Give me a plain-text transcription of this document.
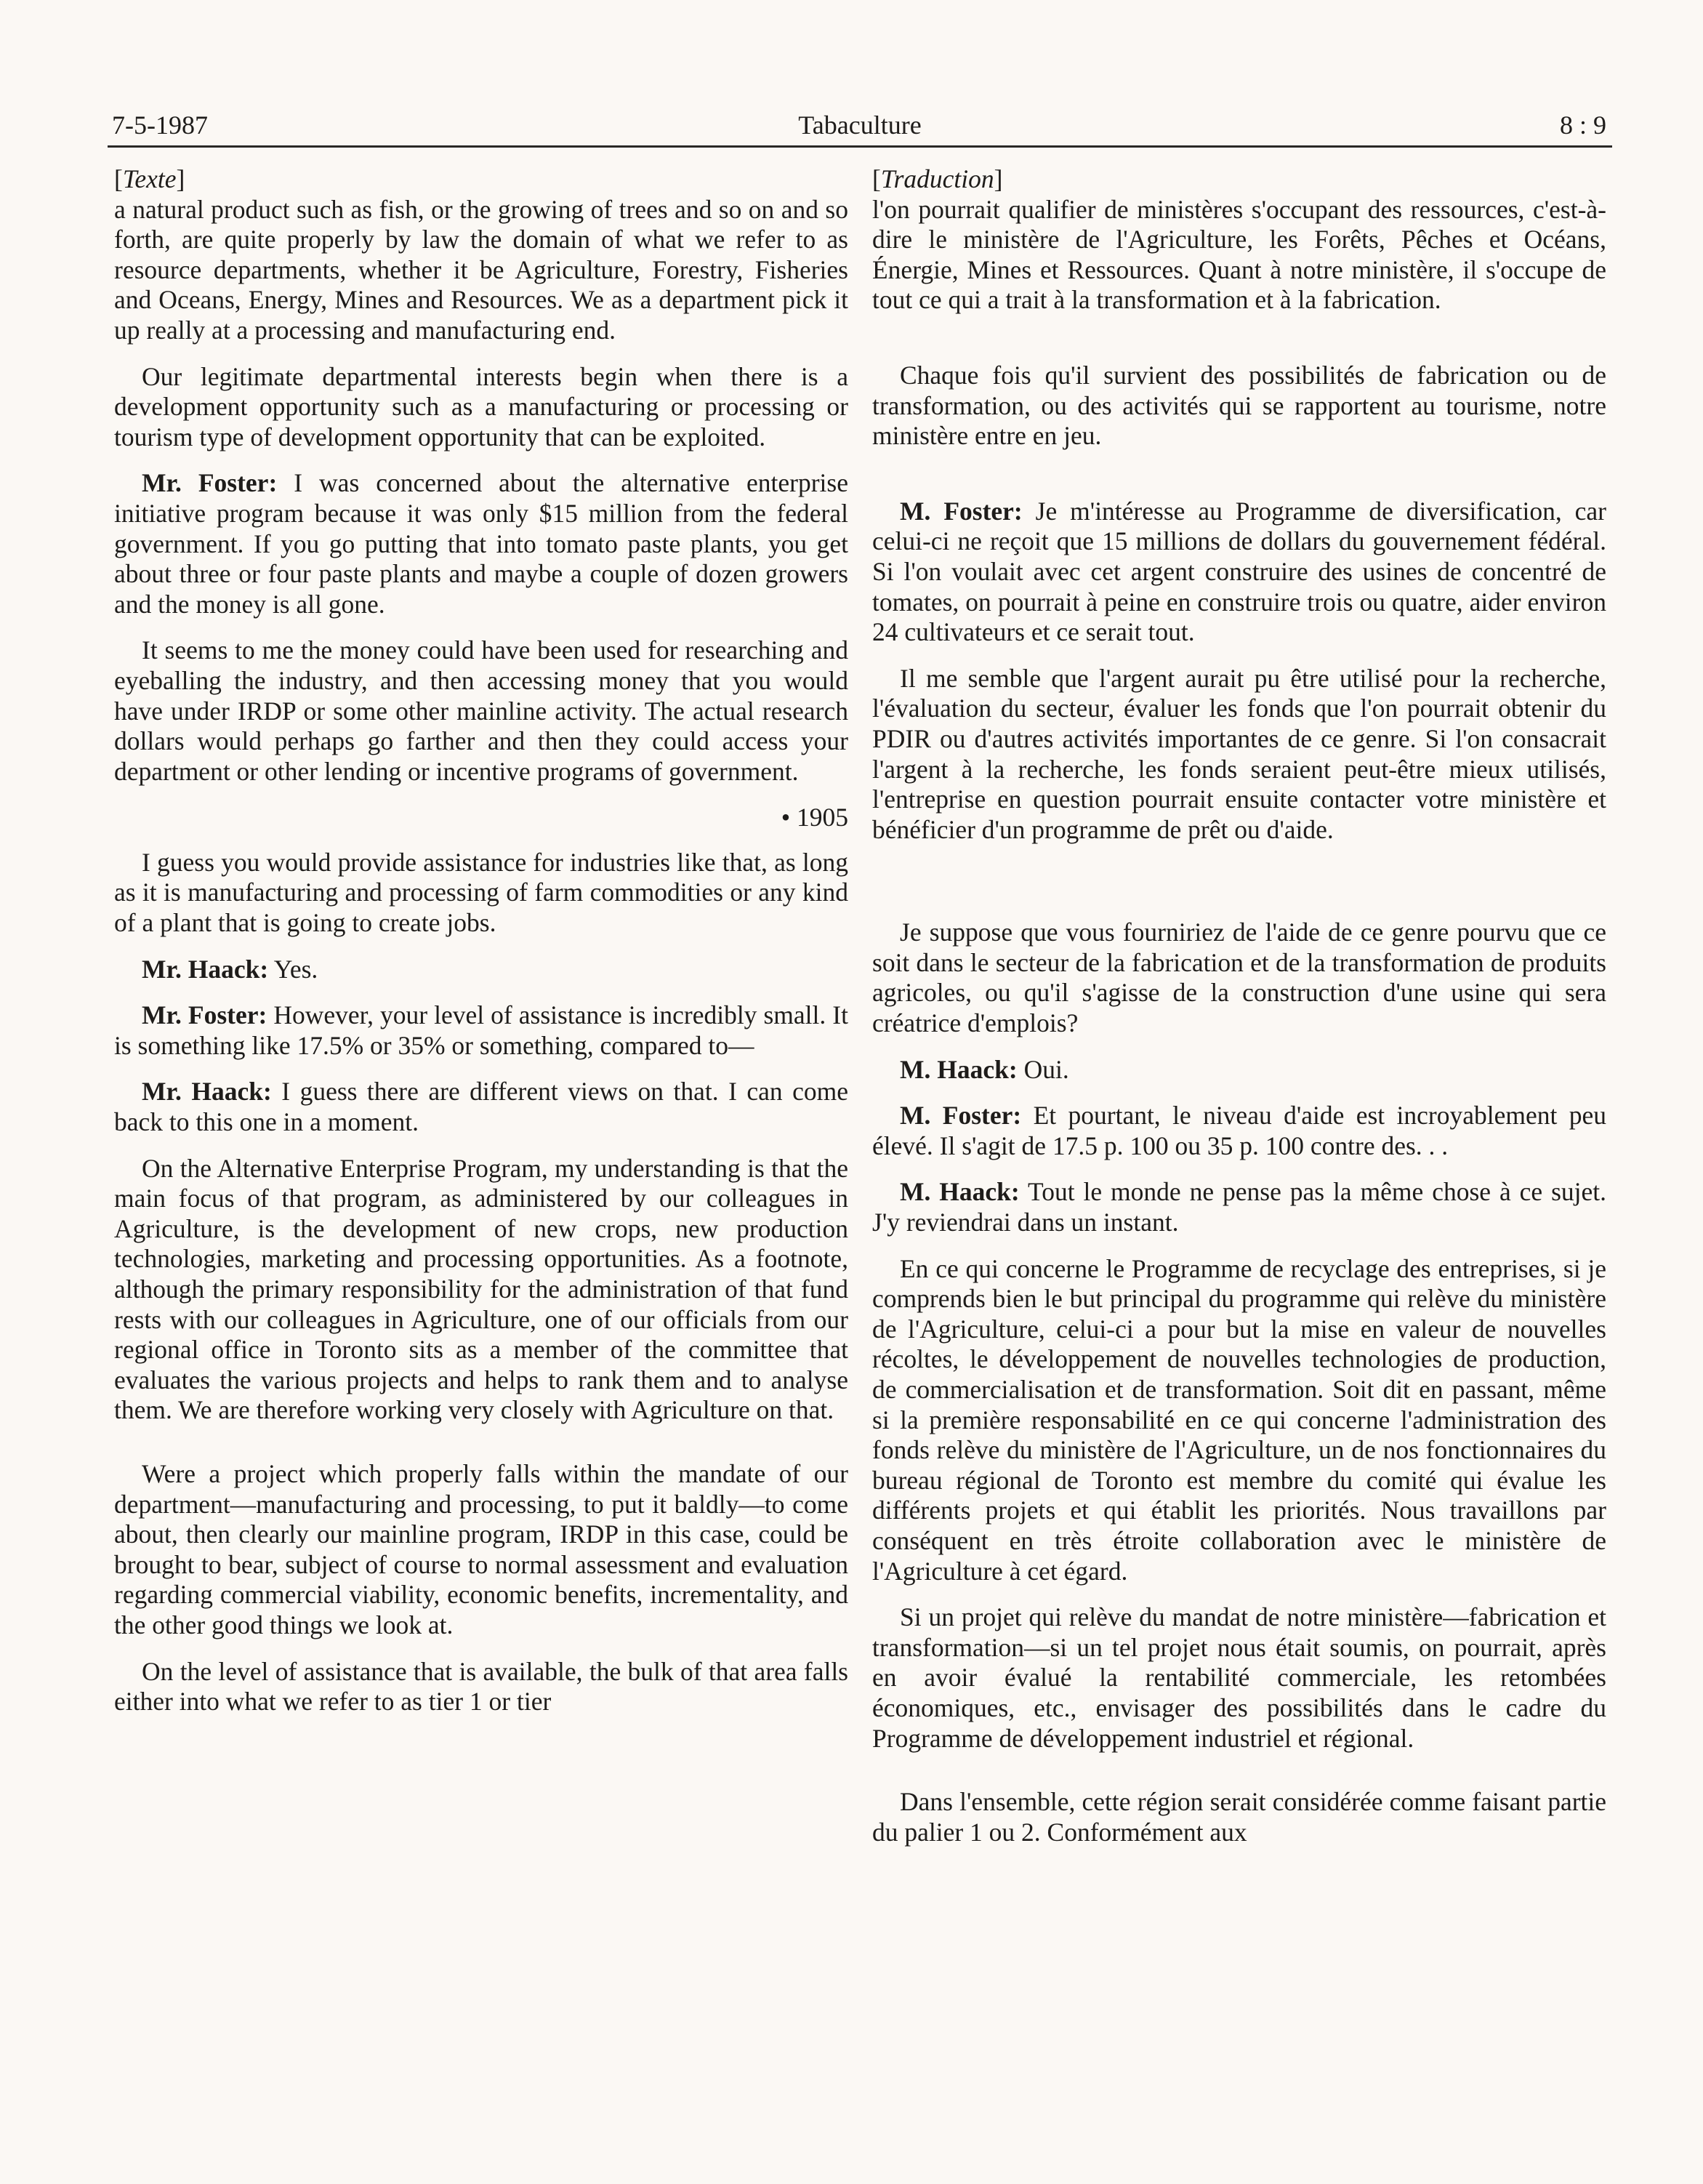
7-5-1987	Tabaculture	8 : 9
[Texte]

a natural product such as fish, or the growing of trees and so on and so forth, are quite properly by law the domain of what we refer to as resource departments, whether it be Agriculture, Forestry, Fisheries and Oceans, Energy, Mines and Resources. We as a department pick it up really at a processing and manufacturing end.

Our legitimate departmental interests begin when there is a development opportunity such as a manufacturing or processing or tourism type of development opportunity that can be exploited.

Mr. Foster: I was concerned about the alternative enterprise initiative program because it was only $15 million from the federal government. If you go putting that into tomato paste plants, you get about three or four paste plants and maybe a couple of dozen growers and the money is all gone.

It seems to me the money could have been used for researching and eyeballing the industry, and then accessing money that you would have under IRDP or some other mainline activity. The actual research dollars would perhaps go farther and then they could access your department or other lending or incentive programs of government.

• 1905

I guess you would provide assistance for industries like that, as long as it is manufacturing and processing of farm commodities or any kind of a plant that is going to create jobs.

Mr. Haack: Yes.

Mr. Foster: However, your level of assistance is incredibly small. It is something like 17.5% or 35% or something, compared to—

Mr. Haack: I guess there are different views on that. I can come back to this one in a moment.

On the Alternative Enterprise Program, my understanding is that the main focus of that program, as administered by our colleagues in Agriculture, is the development of new crops, new production technologies, marketing and processing opportunities. As a footnote, although the primary responsibility for the administration of that fund rests with our colleagues in Agriculture, one of our officials from our regional office in Toronto sits as a member of the committee that evaluates the various projects and helps to rank them and to analyse them. We are therefore working very closely with Agriculture on that.

Were a project which properly falls within the mandate of our department—manufacturing and processing, to put it baldly—to come about, then clearly our mainline program, IRDP in this case, could be brought to bear, subject of course to normal assessment and evaluation regarding commercial viability, economic benefits, incrementality, and the other good things we look at.

On the level of assistance that is available, the bulk of that area falls either into what we refer to as tier 1 or tier

[Traduction]

l'on pourrait qualifier de ministères s'occupant des ressources, c'est-à-dire le ministère de l'Agriculture, les Forêts, Pêches et Océans, Énergie, Mines et Ressources. Quant à notre ministère, il s'occupe de tout ce qui a trait à la transformation et à la fabrication.

Chaque fois qu'il survient des possibilités de fabrication ou de transformation, ou des activités qui se rapportent au tourisme, notre ministère entre en jeu.

M. Foster: Je m'intéresse au Programme de diversification, car celui-ci ne reçoit que 15 millions de dollars du gouvernement fédéral. Si l'on voulait avec cet argent construire des usines de concentré de tomates, on pourrait à peine en construire trois ou quatre, aider environ 24 cultivateurs et ce serait tout.

Il me semble que l'argent aurait pu être utilisé pour la recherche, l'évaluation du secteur, évaluer les fonds que l'on pourrait obtenir du PDIR ou d'autres activités importantes de ce genre. Si l'on consacrait l'argent à la recherche, les fonds seraient peut-être mieux utilisés, l'entreprise en question pourrait ensuite contacter votre ministère et bénéficier d'un programme de prêt ou d'aide.

Je suppose que vous fourniriez de l'aide de ce genre pourvu que ce soit dans le secteur de la fabrication et de la transformation de produits agricoles, ou qu'il s'agisse de la construction d'une usine qui sera créatrice d'emplois?

M. Haack: Oui.

M. Foster: Et pourtant, le niveau d'aide est incroyablement peu élevé. Il s'agit de 17.5 p. 100 ou 35 p. 100 contre des. . .

M. Haack: Tout le monde ne pense pas la même chose à ce sujet. J'y reviendrai dans un instant.

En ce qui concerne le Programme de recyclage des entreprises, si je comprends bien le but principal du programme qui relève du ministère de l'Agriculture, celui-ci a pour but la mise en valeur de nouvelles récoltes, le développement de nouvelles technologies de production, de commercialisation et de transformation. Soit dit en passant, même si la première responsabilité en ce qui concerne l'administration des fonds relève du ministère de l'Agriculture, un de nos fonctionnaires du bureau régional de Toronto est membre du comité qui évalue les différents projets et qui établit les priorités. Nous travaillons par conséquent en très étroite collaboration avec le ministère de l'Agriculture à cet égard.

Si un projet qui relève du mandat de notre ministère—fabrication et transformation—si un tel projet nous était soumis, on pourrait, après en avoir évalué la rentabilité commerciale, les retombées économiques, etc., envisager des possibilités dans le cadre du Programme de développement industriel et régional.

Dans l'ensemble, cette région serait considérée comme faisant partie du palier 1 ou 2. Conformément aux
